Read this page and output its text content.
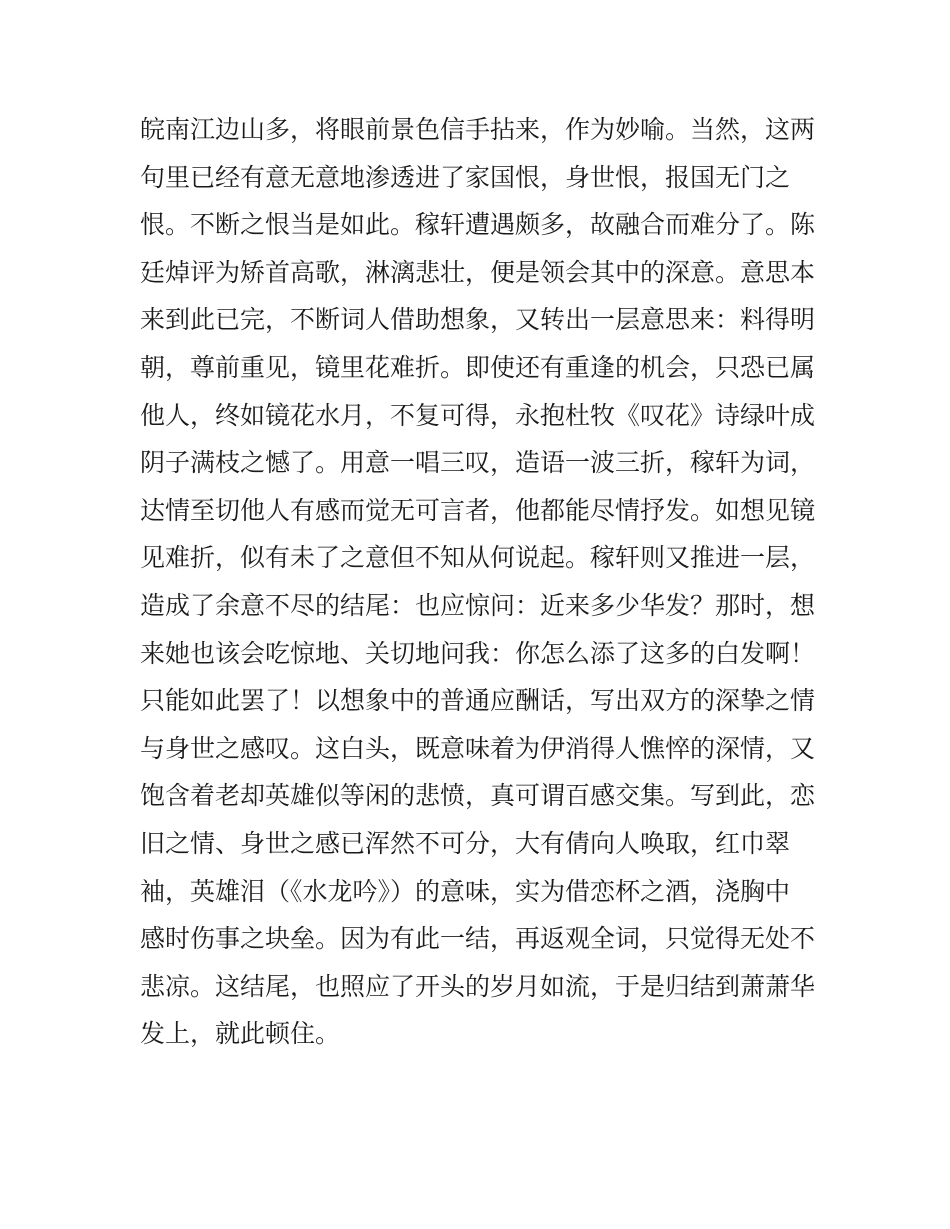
皖南江边山多，将眼前景色信手拈来，作为妙喻。当然，这两
句里已经有意无意地渗透进了家国恨，身世恨，报国无门之
恨。不断之恨当是如此。稼轩遭遇颇多，故融合而难分了。陈
廷焯评为矫首高歌，淋漓悲壮，便是领会其中的深意。意思本
来到此已完，不断词人借助想象，又转出一层意思来：料得明
朝，尊前重见，镜里花难折。即使还有重逢的机会，只恐已属
他人，终如镜花水月，不复可得，永抱杜牧《叹花》诗绿叶成
阴子满枝之憾了。用意一唱三叹，造语一波三折，稼轩为词，
达情至切他人有感而觉无可言者，他都能尽情抒发。如想见镜
见难折，似有未了之意但不知从何说起。稼轩则又推进一层，
造成了余意不尽的结尾：也应惊问：近来多少华发？那时，想
来她也该会吃惊地、关切地问我：你怎么添了这多的白发啊！
只能如此罢了！以想象中的普通应酬话，写出双方的深挚之情
与身世之感叹。这白头，既意味着为伊消得人憔悴的深情，又
饱含着老却英雄似等闲的悲愤，真可谓百感交集。写到此，恋
旧之情、身世之感已浑然不可分，大有倩向人唤取，红巾翠
袖，英雄泪（《水龙吟》）的意味，实为借恋杯之酒，浇胸中
感时伤事之块垒。因为有此一结，再返观全词，只觉得无处不
悲凉。这结尾，也照应了开头的岁月如流，于是归结到萧萧华
发上，就此顿住。
